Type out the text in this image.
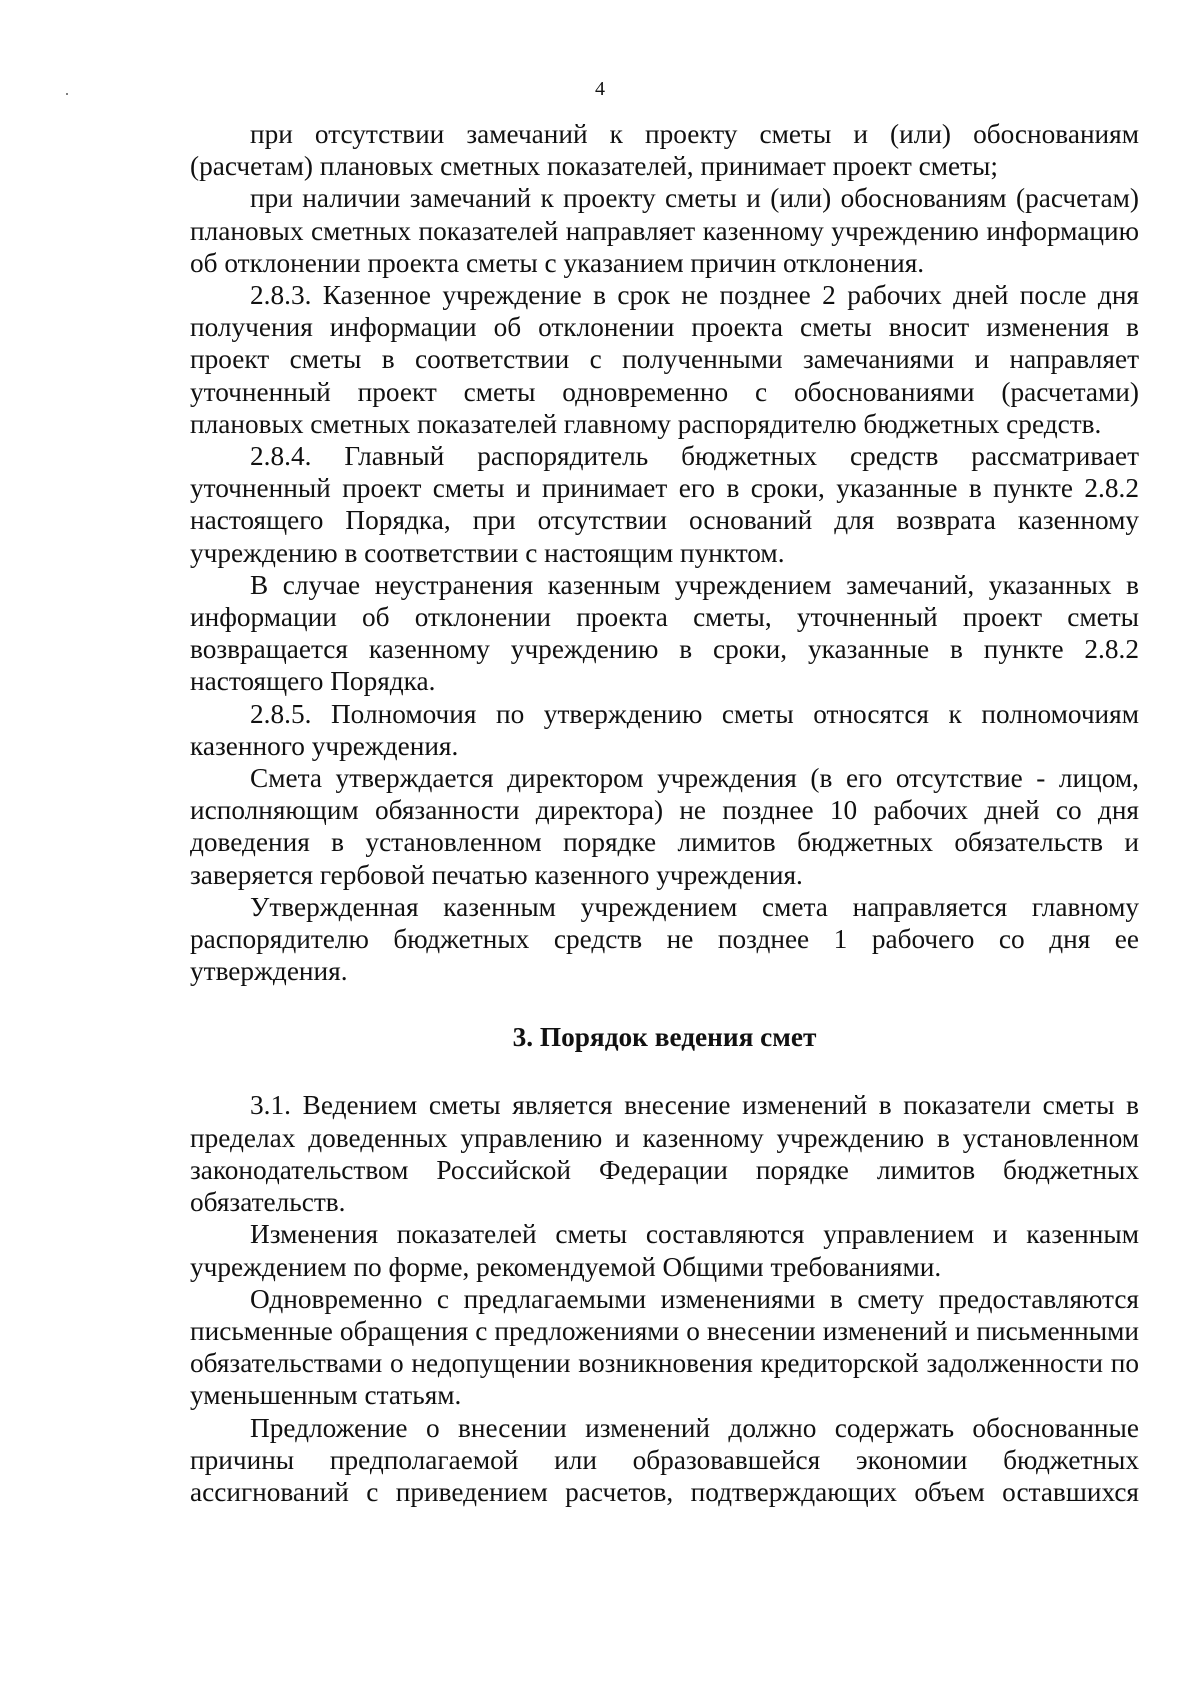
4

при отсутствии замечаний к проекту сметы и (или) обоснованиям (расчетам) плановых сметных показателей, принимает проект сметы;

при наличии замечаний к проекту сметы и (или) обоснованиям (расчетам) плановых сметных показателей направляет казенному учреждению информацию об отклонении проекта сметы с указанием причин отклонения.

2.8.3. Казенное учреждение в срок не позднее 2 рабочих дней после дня получения информации об отклонении проекта сметы вносит изменения в проект сметы в соответствии с полученными замечаниями и направляет уточненный проект сметы одновременно с обоснованиями (расчетами) плановых сметных показателей главному распорядителю бюджетных средств.

2.8.4. Главный распорядитель бюджетных средств рассматривает уточненный проект сметы и принимает его в сроки, указанные в пункте 2.8.2 настоящего Порядка, при отсутствии оснований для возврата казенному учреждению в соответствии с настоящим пунктом.

В случае неустранения казенным учреждением замечаний, указанных в информации об отклонении проекта сметы, уточненный проект сметы возвращается казенному учреждению в сроки, указанные в пункте 2.8.2 настоящего Порядка.

2.8.5. Полномочия по утверждению сметы относятся к полномочиям казенного учреждения.

Смета утверждается директором учреждения (в его отсутствие - лицом, исполняющим обязанности директора) не позднее 10 рабочих дней со дня доведения в установленном порядке лимитов бюджетных обязательств и заверяется гербовой печатью казенного учреждения.

Утвержденная казенным учреждением смета направляется главному распорядителю бюджетных средств не позднее 1 рабочего со дня ее утверждения.

3. Порядок ведения смет

3.1. Ведением сметы является внесение изменений в показатели сметы в пределах доведенных управлению и казенному учреждению в установленном законодательством Российской Федерации порядке лимитов бюджетных обязательств.

Изменения показателей сметы составляются управлением и казенным учреждением по форме, рекомендуемой Общими требованиями.

Одновременно с предлагаемыми изменениями в смету предоставляются письменные обращения с предложениями о внесении изменений и письменными обязательствами о недопущении возникновения кредиторской задолженности по уменьшенным статьям.

Предложение о внесении изменений должно содержать обоснованные причины предполагаемой или образовавшейся экономии бюджетных ассигнований с приведением расчетов, подтверждающих объем оставшихся
